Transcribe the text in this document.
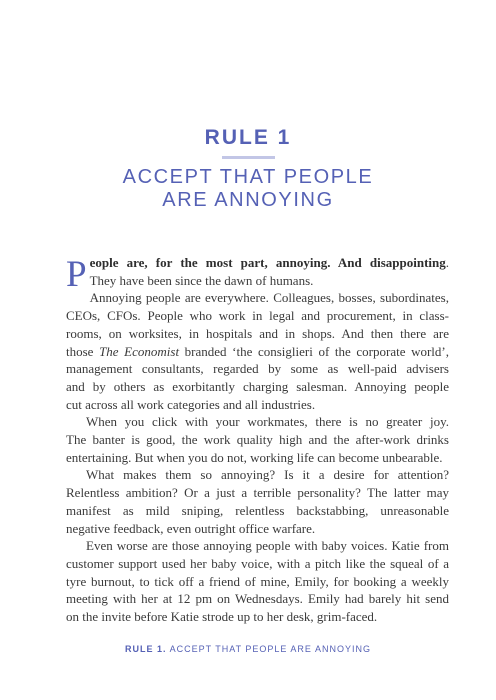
RULE 1
ACCEPT THAT PEOPLE
ARE ANNOYING
P eople are, for the most part, annoying. And disappointing.
They have been since the dawn of humans.
Annoying people are everywhere. Colleagues, bosses, subordinates,
CEOs, CFOs. People who work in legal and procurement, in class-
rooms, on worksites, in hospitals and in shops. And then there are
those The Economist branded ‘the consiglieri of the corporate world’,
management consultants, regarded by some as well-paid advisers
and by others as exorbitantly charging salesman. Annoying people
cut across all work categories and all industries.
When you click with your workmates, there is no greater joy.
The banter is good, the work quality high and the after-work drinks
entertaining. But when you do not, working life can become unbearable.
What makes them so annoying? Is it a desire for attention?
Relentless ambition? Or a just a terrible personality? The latter may
manifest as mild sniping, relentless backstabbing, unreasonable
negative feedback, even outright office warfare.
Even worse are those annoying people with baby voices. Katie from
customer support used her baby voice, with a pitch like the squeal of a
tyre burnout, to tick off a friend of mine, Emily, for booking a weekly
meeting with her at 12 pm on Wednesdays. Emily had barely hit send
on the invite before Katie strode up to her desk, grim-faced.
RULE 1. ACCEPT THAT PEOPLE ARE ANNOYING
